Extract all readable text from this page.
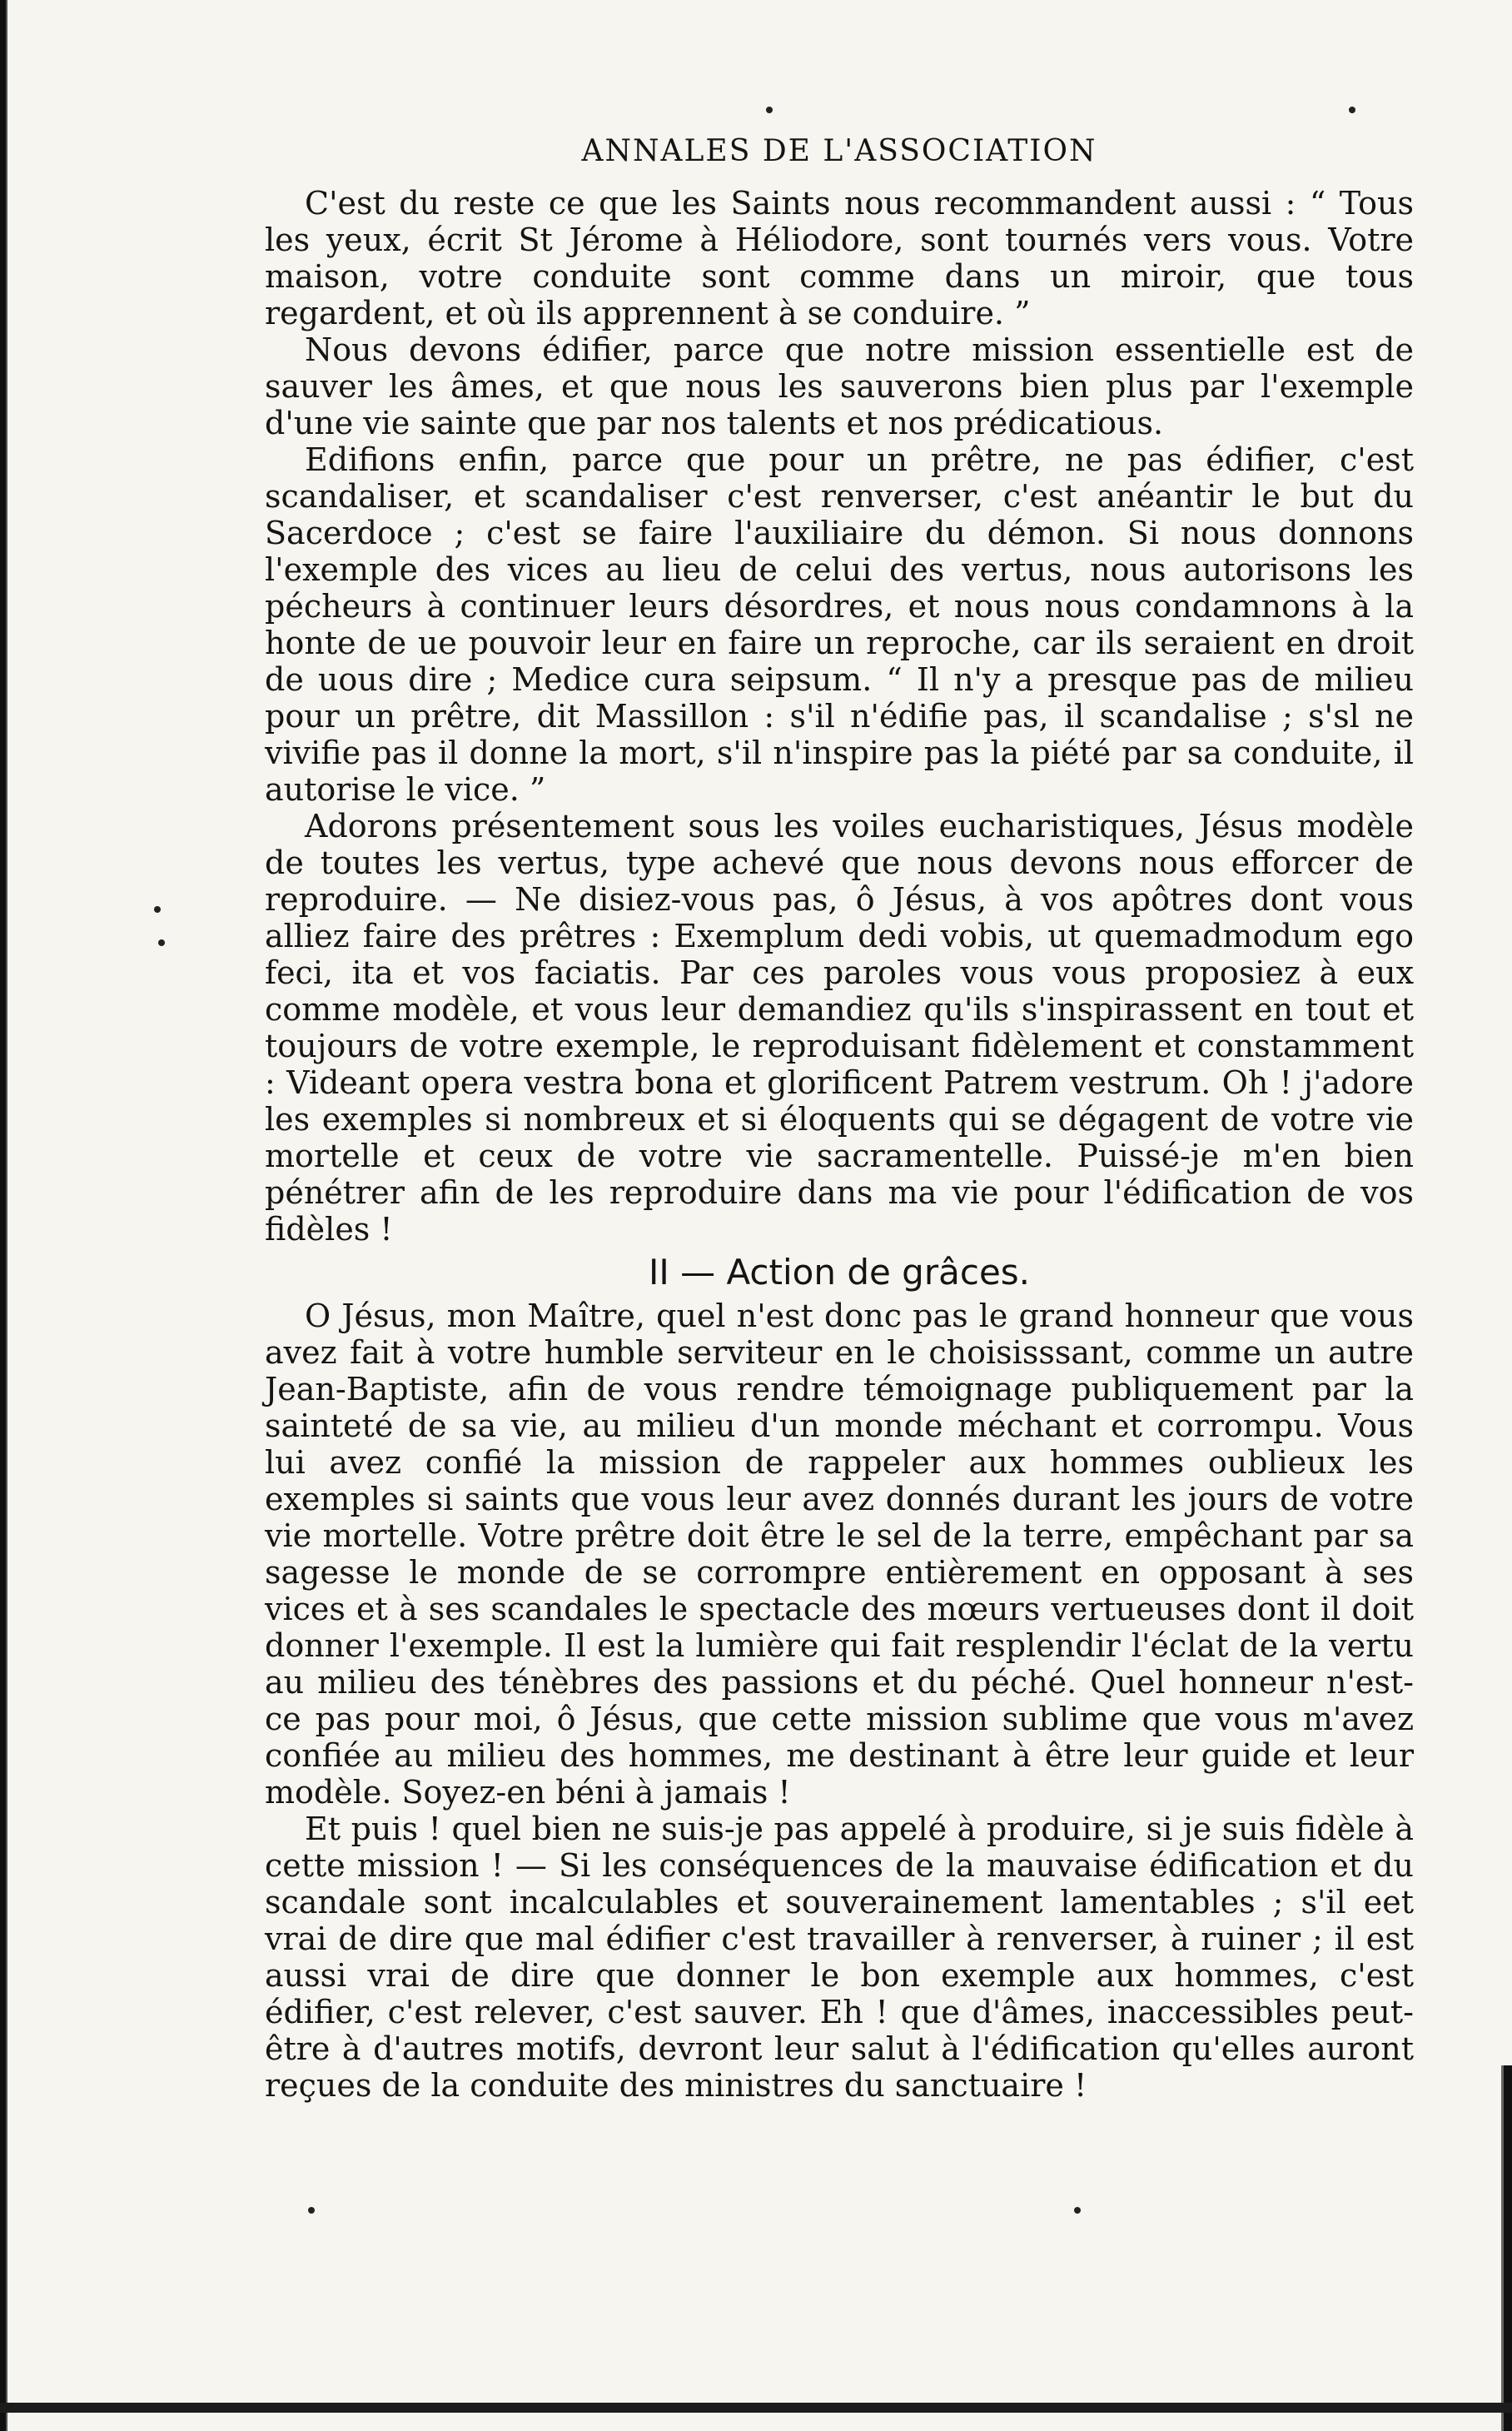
ANNALES DE L'ASSOCIATION

C'est du reste ce que les Saints nous recommandent aussi : “ Tous les yeux, écrit St Jérome à Héliodore, sont tournés vers vous. Votre maison, votre conduite sont comme dans un miroir, que tous regardent, et où ils apprennent à se conduire. ”

Nous devons édifier, parce que notre mission essentielle est de sauver les âmes, et que nous les sauverons bien plus par l'exemple d'une vie sainte que par nos talents et nos prédicatious.

Edifions enfin, parce que pour un prêtre, ne pas édifier, c'est scandaliser, et scandaliser c'est renverser, c'est anéantir le but du Sacerdoce ; c'est se faire l'auxiliaire du démon. Si nous donnons l'exemple des vices au lieu de celui des vertus, nous autorisons les pécheurs à continuer leurs désordres, et nous nous condamnons à la honte de ue pouvoir leur en faire un reproche, car ils seraient en droit de uous dire ; Medice cura seipsum. “ Il n'y a presque pas de milieu pour un prêtre, dit Massillon : s'il n'édifie pas, il scandalise ; s'sl ne vivifie pas il donne la mort, s'il n'inspire pas la piété par sa conduite, il autorise le vice. ”

Adorons présentement sous les voiles eucharistiques, Jésus modèle de toutes les vertus, type achevé que nous devons nous efforcer de reproduire. — Ne disiez-vous pas, ô Jésus, à vos apôtres dont vous alliez faire des prêtres : Exemplum dedi vobis, ut quemadmodum ego feci, ita et vos faciatis. Par ces paroles vous vous proposiez à eux comme modèle, et vous leur demandiez qu'ils s'inspirassent en tout et toujours de votre exemple, le reproduisant fidèlement et constamment : Videant opera vestra bona et glorificent Patrem vestrum. Oh ! j'adore les exemples si nombreux et si éloquents qui se dégagent de votre vie mortelle et ceux de votre vie sacramentelle. Puissé-je m'en bien pénétrer afin de les reproduire dans ma vie pour l'édification de vos fidèles !

II — Action de grâces.

O Jésus, mon Maître, quel n'est donc pas le grand honneur que vous avez fait à votre humble serviteur en le choisisssant, comme un autre Jean-Baptiste, afin de vous rendre témoignage publiquement par la sainteté de sa vie, au milieu d'un monde méchant et corrompu. Vous lui avez confié la mission de rappeler aux hommes oublieux les exemples si saints que vous leur avez donnés durant les jours de votre vie mortelle. Votre prêtre doit être le sel de la terre, empêchant par sa sagesse le monde de se corrompre entièrement en opposant à ses vices et à ses scandales le spectacle des mœurs vertueuses dont il doit donner l'exemple. Il est la lumière qui fait resplendir l'éclat de la vertu au milieu des ténèbres des passions et du péché. Quel honneur n'est-ce pas pour moi, ô Jésus, que cette mission sublime que vous m'avez confiée au milieu des hommes, me destinant à être leur guide et leur modèle. Soyez-en béni à jamais !

Et puis ! quel bien ne suis-je pas appelé à produire, si je suis fidèle à cette mission ! — Si les conséquences de la mauvaise édification et du scandale sont incalculables et souverainement lamentables ; s'il eet vrai de dire que mal édifier c'est travailler à renverser, à ruiner ; il est aussi vrai de dire que donner le bon exemple aux hommes, c'est édifier, c'est relever, c'est sauver. Eh ! que d'âmes, inaccessibles peut-être à d'autres motifs, devront leur salut à l'édification qu'elles auront reçues de la conduite des ministres du sanctuaire !
